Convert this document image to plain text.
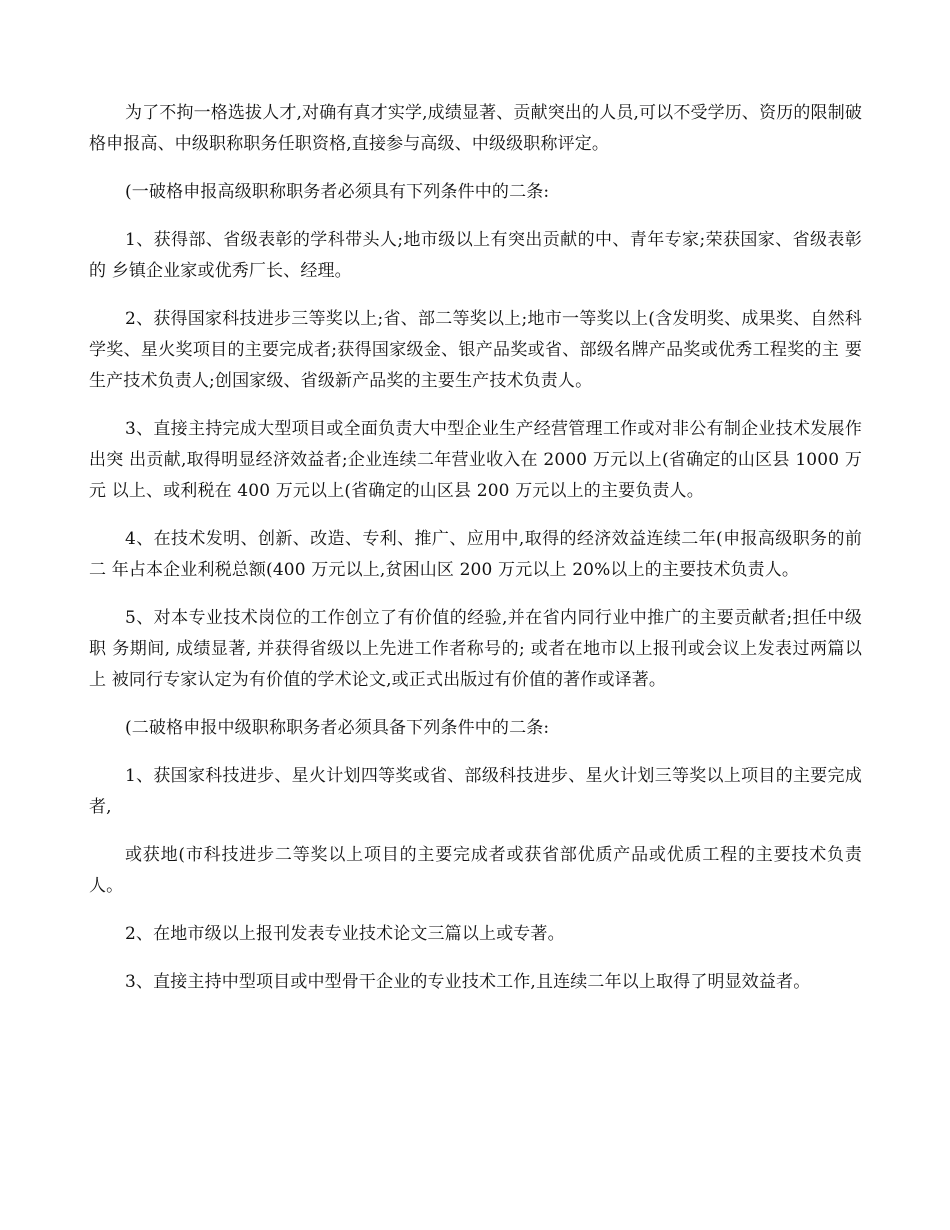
为了不拘一格选拔人才,对确有真才实学,成绩显著、贡献突出的人员,可以不受学历、资历的限制破 格申报高、中级职称职务任职资格,直接参与高级、中级级职称评定。

(一破格申报高级职称职务者必须具有下列条件中的二条:

1、获得部、省级表彰的学科带头人;地市级以上有突出贡献的中、青年专家;荣获国家、省级表彰的 乡镇企业家或优秀厂长、经理。

2、获得国家科技进步三等奖以上;省、部二等奖以上;地市一等奖以上(含发明奖、成果奖、自然科 学奖、星火奖项目的主要完成者;获得国家级金、银产品奖或省、部级名牌产品奖或优秀工程奖的主 要生产技术负责人;创国家级、省级新产品奖的主要生产技术负责人。

3、直接主持完成大型项目或全面负责大中型企业生产经营管理工作或对非公有制企业技术发展作出突 出贡献,取得明显经济效益者;企业连续二年营业收入在 2000 万元以上(省确定的山区县 1000 万元 以上、或利税在 400 万元以上(省确定的山区县 200 万元以上的主要负责人。

4、在技术发明、创新、改造、专利、推广、应用中,取得的经济效益连续二年(申报高级职务的前二 年占本企业利税总额(400 万元以上,贫困山区 200 万元以上 20%以上的主要技术负责人。

5、对本专业技术岗位的工作创立了有价值的经验,并在省内同行业中推广的主要贡献者;担任中级职 务期间, 成绩显著, 并获得省级以上先进工作者称号的; 或者在地市以上报刊或会议上发表过两篇以上 被同行专家认定为有价值的学术论文,或正式出版过有价值的著作或译著。

(二破格申报中级职称职务者必须具备下列条件中的二条:

1、获国家科技进步、星火计划四等奖或省、部级科技进步、星火计划三等奖以上项目的主要完成者,

或获地(市科技进步二等奖以上项目的主要完成者或获省部优质产品或优质工程的主要技术负责人。

2、在地市级以上报刊发表专业技术论文三篇以上或专著。

3、直接主持中型项目或中型骨干企业的专业技术工作,且连续二年以上取得了明显效益者。
